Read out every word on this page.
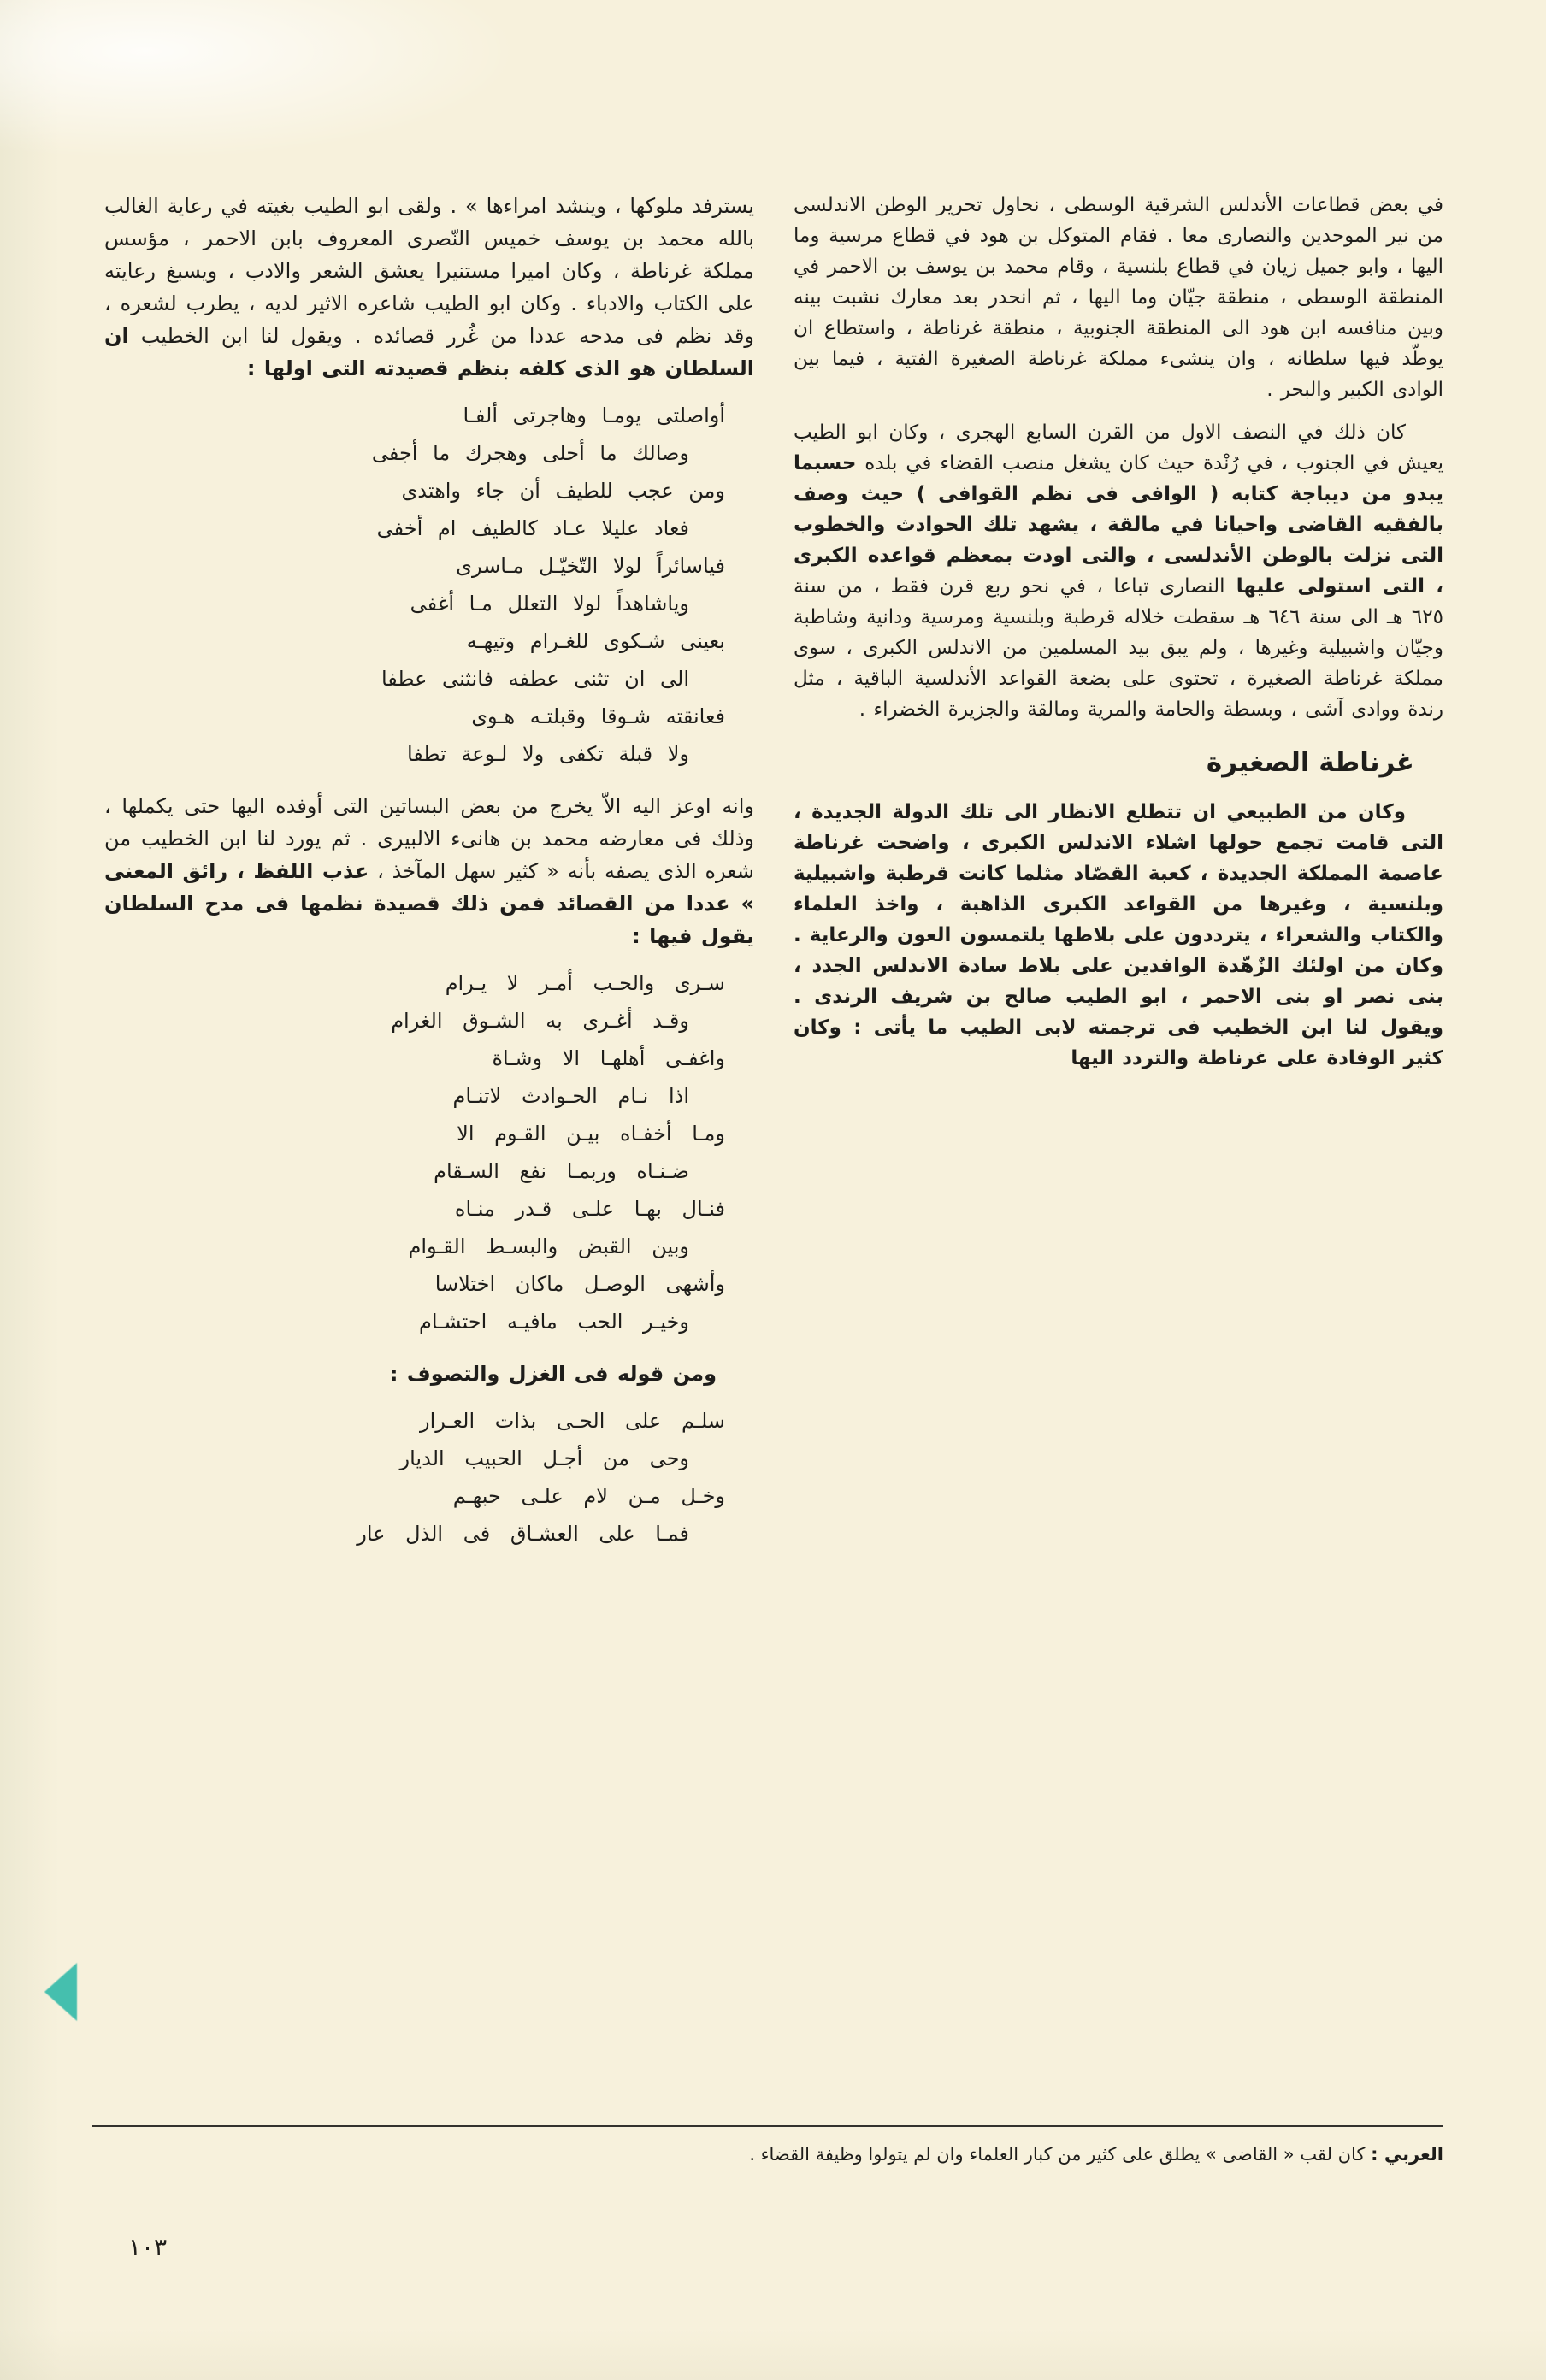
في بعض قطاعات الأندلس الشرقية الوسطى ، نحاول تحرير الوطن الاندلسى من نير الموحدين والنصارى معا . فقام المتوكل بن هود في قطاع مرسية وما اليها ، وابو جميل زيان في قطاع بلنسية ، وقام محمد بن يوسف بن الاحمر في المنطقة الوسطى ، منطقة جيّان وما اليها ، ثم انحدر بعد معارك نشبت بينه وبين منافسه ابن هود الى المنطقة الجنوبية ، منطقة غرناطة ، واستطاع ان يوطّد فيها سلطانه ، وان ينشىء مملكة غرناطة الصغيرة الفتية ، فيما بين الوادى الكبير والبحر .

كان ذلك في النصف الاول من القرن السابع الهجرى ، وكان ابو الطيب يعيش في الجنوب ، في رُنْدة حيث كان يشغل منصب القضاء في بلده حسبما يبدو من ديباجة كتابه ( الوافى فى نظم القوافى ) حيث وصف بالفقيه القاضى واحيانا في مالقة ، يشهد تلك الحوادث والخطوب التى نزلت بالوطن الأندلسى ، والتى اودت بمعظم قواعده الكبرى ، التى استولى عليها النصارى تباعا ، في نحو ربع قرن فقط ، من سنة ٦٢٥ هـ الى سنة ٦٤٦ هـ سقطت خلاله قرطبة وبلنسية ومرسية ودانية وشاطبة وجيّان واشبيلية وغيرها ، ولم يبق بيد المسلمين من الاندلس الكبرى ، سوى مملكة غرناطة الصغيرة ، تحتوى على بضعة القواعد الأندلسية الباقية ، مثل رندة ووادى آشى ، وبسطة والحامة والمرية ومالقة والجزيرة الخضراء .

غرناطة الصغيرة

وكان من الطبيعي ان تتطلع الانظار الى تلك الدولة الجديدة ، التى قامت تجمع حولها اشلاء الاندلس الكبرى ، واضحت غرناطة عاصمة المملكة الجديدة ، كعبة القصّاد مثلما كانت قرطبة واشبيلية وبلنسية ، وغيرها من القواعد الكبرى الذاهبة ، واخذ العلماء والكتاب والشعراء ، يترددون على بلاطها يلتمسون العون والرعاية . وكان من اولئك الزٌهّدة الوافدين على بلاط سادة الاندلس الجدد ، بنى نصر او بنى الاحمر ، ابو الطيب صالح بن شريف الرندى . ويقول لنا ابن الخطيب فى ترجمته لابى الطيب ما يأتى : وكان كثير الوفادة على غرناطة والتردد اليها

يسترفد ملوكها ، وينشد امراءها » . ولقى ابو الطيب بغيته في رعاية الغالب بالله محمد بن يوسف خميس النّصرى المعروف بابن الاحمر ، مؤسس مملكة غرناطة ، وكان اميرا مستنيرا يعشق الشعر والادب ، ويسبغ رعايته على الكتاب والادباء . وكان ابو الطيب شاعره الاثير لديه ، يطرب لشعره ، وقد نظم فى مدحه عددا من غُرر قصائده . ويقول لنا ابن الخطيب ان السلطان هو الذى كلفه بنظم قصيدته التى اولها :

أواصلتى يومـا وهاجرتى ألفـا
وصالك ما أحلى وهجرك ما أجفى
ومن عجب للطيف أن جاء واهتدى
فعاد عليلا عـاد كالطيف ام أخفى
فياسائراً لولا التّخيّـل مـاسرى
وياشاهداً لولا التعلل مـا أغفى
بعينى شـكوى للغـرام وتيهـه
الى ان تثنى عطفه فانثنى عطفا
فعانقته شـوقا وقبلتـه هـوى
ولا قبلة تكفى ولا لـوعة تطفا

وانه اوعز اليه الاّ يخرج من بعض البساتين التى أوفده اليها حتى يكملها ، وذلك فى معارضه محمد بن هانىء الالبيرى . ثم يورد لنا ابن الخطيب من شعره الذى يصفه بأنه « كثير سهل المآخذ ، عذب اللفظ ، رائق المعنى » عددا من القصائد فمن ذلك قصيدة نظمها فى مدح السلطان يقول فيها :

سـرى والحـب أمـر لا يـرام
وقـد أغـرى به الشـوق الغرام
واغفـى أهلهـا الا وشـاة
اذا نـام الحـوادث لاتنـام
ومـا أخفـاه بيـن القـوم الا
ضـنـاه وربمـا نفع السـقام
فنـال بهـا علـى قـدر منـاه
وبين القبض والبسـط القـوام
وأشهى الوصـل ماكان اختلاسا
وخيـر الحب مافيـه احتشـام

ومن قوله فى الغزل والتصوف :

سلـم على الحـى بذات العـرار
وحى من أجـل الحبيب الديار
وخـل مـن لام علـى حبهـم
فمـا على العشـاق فى الذل عار
العربي : كان لقب « القاضى » يطلق على كثير من كبار العلماء وان لم يتولوا وظيفة القضاء .
١٠٣
